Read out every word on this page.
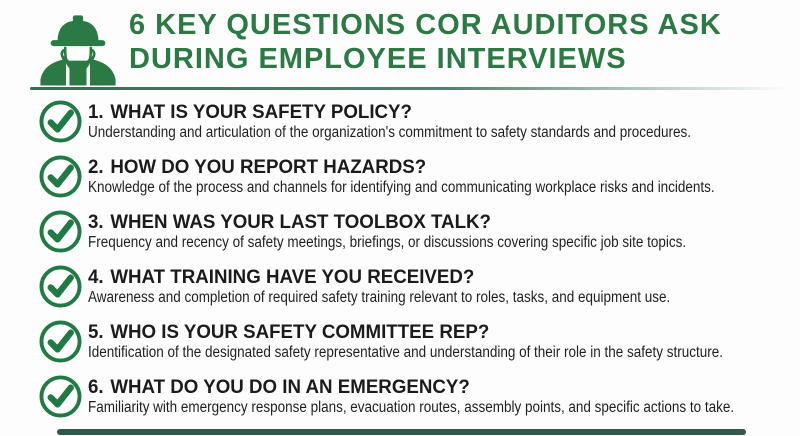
6 KEY QUESTIONS COR AUDITORS ASK
DURING EMPLOYEE INTERVIEWS
1. WHAT IS YOUR SAFETY POLICY?
Understanding and articulation of the organization's commitment to safety standards and procedures.
2. HOW DO YOU REPORT HAZARDS?
Knowledge of the process and channels for identifying and communicating workplace risks and incidents.
3. WHEN WAS YOUR LAST TOOLBOX TALK?
Frequency and recency of safety meetings, briefings, or discussions covering specific job site topics.
4. WHAT TRAINING HAVE YOU RECEIVED?
Awareness and completion of required safety training relevant to roles, tasks, and equipment use.
5. WHO IS YOUR SAFETY COMMITTEE REP?
Identification of the designated safety representative and understanding of their role in the safety structure.
6. WHAT DO YOU DO IN AN EMERGENCY?
Familiarity with emergency response plans, evacuation routes, assembly points, and specific actions to take.
